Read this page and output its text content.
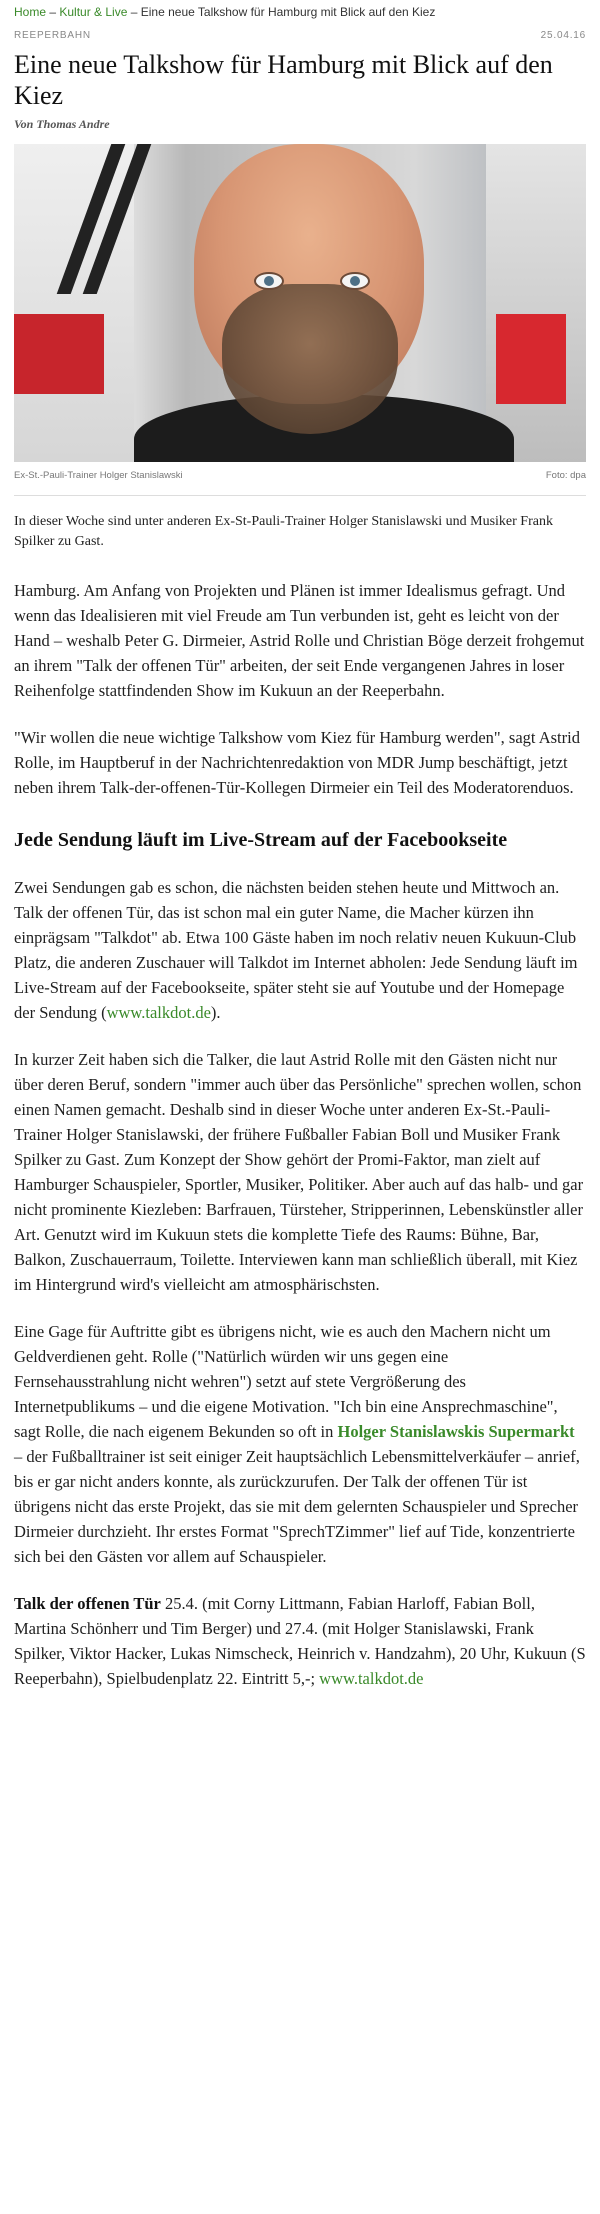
Home – Kultur & Live – Eine neue Talkshow für Hamburg mit Blick auf den Kiez
REEPERBAHN	25.04.16
Eine neue Talkshow für Hamburg mit Blick auf den Kiez
Von Thomas Andre
Ex-St.-Pauli-Trainer Holger Stanislawski	Foto: dpa
In dieser Woche sind unter anderen Ex-St-Pauli-Trainer Holger Stanislawski und Musiker Frank Spilker zu Gast.

Hamburg. Am Anfang von Projekten und Plänen ist immer Idealismus gefragt. Und wenn das Idealisieren mit viel Freude am Tun verbunden ist, geht es leicht von der Hand – weshalb Peter G. Dirmeier, Astrid Rolle und Christian Böge derzeit frohgemut an ihrem "Talk der offenen Tür" arbeiten, der seit Ende vergangenen Jahres in loser Reihenfolge stattfindenden Show im Kukuun an der Reeperbahn.

"Wir wollen die neue wichtige Talkshow vom Kiez für Hamburg werden", sagt Astrid Rolle, im Hauptberuf in der Nachrichtenredaktion von MDR Jump beschäftigt, jetzt neben ihrem Talk-der-offenen-Tür-Kollegen Dirmeier ein Teil des Moderatorenduos.

Jede Sendung läuft im Live-Stream auf der Facebookseite

Zwei Sendungen gab es schon, die nächsten beiden stehen heute und Mittwoch an. Talk der offenen Tür, das ist schon mal ein guter Name, die Macher kürzen ihn einprägsam "Talkdot" ab. Etwa 100 Gäste haben im noch relativ neuen Kukuun-Club Platz, die anderen Zuschauer will Talkdot im Internet abholen: Jede Sendung läuft im Live-Stream auf der Facebookseite, später steht sie auf Youtube und der Homepage der Sendung (www.talkdot.de).

In kurzer Zeit haben sich die Talker, die laut Astrid Rolle mit den Gästen nicht nur über deren Beruf, sondern "immer auch über das Persönliche" sprechen wollen, schon einen Namen gemacht. Deshalb sind in dieser Woche unter anderen Ex-St.-Pauli-Trainer Holger Stanislawski, der frühere Fußballer Fabian Boll und Musiker Frank Spilker zu Gast. Zum Konzept der Show gehört der Promi-Faktor, man zielt auf Hamburger Schauspieler, Sportler, Musiker, Politiker. Aber auch auf das halb- und gar nicht prominente Kiezleben: Barfrauen, Türsteher, Stripperinnen, Lebenskünstler aller Art. Genutzt wird im Kukuun stets die komplette Tiefe des Raums: Bühne, Bar, Balkon, Zuschauerraum, Toilette. Interviewen kann man schließlich überall, mit Kiez im Hintergrund wird's vielleicht am atmosphärischsten.

Eine Gage für Auftritte gibt es übrigens nicht, wie es auch den Machern nicht um Geldverdienen geht. Rolle ("Natürlich würden wir uns gegen eine Fernsehausstrahlung nicht wehren") setzt auf stete Vergrößerung des Internetpublikums – und die eigene Motivation. "Ich bin eine Ansprechmaschine", sagt Rolle, die nach eigenem Bekunden so oft in Holger Stanislawskis Supermarkt – der Fußballtrainer ist seit einiger Zeit hauptsächlich Lebensmittelverkäufer – anrief, bis er gar nicht anders konnte, als zurückzurufen. Der Talk der offenen Tür ist übrigens nicht das erste Projekt, das sie mit dem gelernten Schauspieler und Sprecher Dirmeier durchzieht. Ihr erstes Format "SprechTZimmer" lief auf Tide, konzentrierte sich bei den Gästen vor allem auf Schauspieler.

Talk der offenen Tür 25.4. (mit Corny Littmann, Fabian Harloff, Fabian Boll, Martina Schönherr und Tim Berger) und 27.4. (mit Holger Stanislawski, Frank Spilker, Viktor Hacker, Lukas Nimscheck, Heinrich v. Handzahm), 20 Uhr, Kukuun (S Reeperbahn), Spielbudenplatz 22. Eintritt 5,-; www.talkdot.de
